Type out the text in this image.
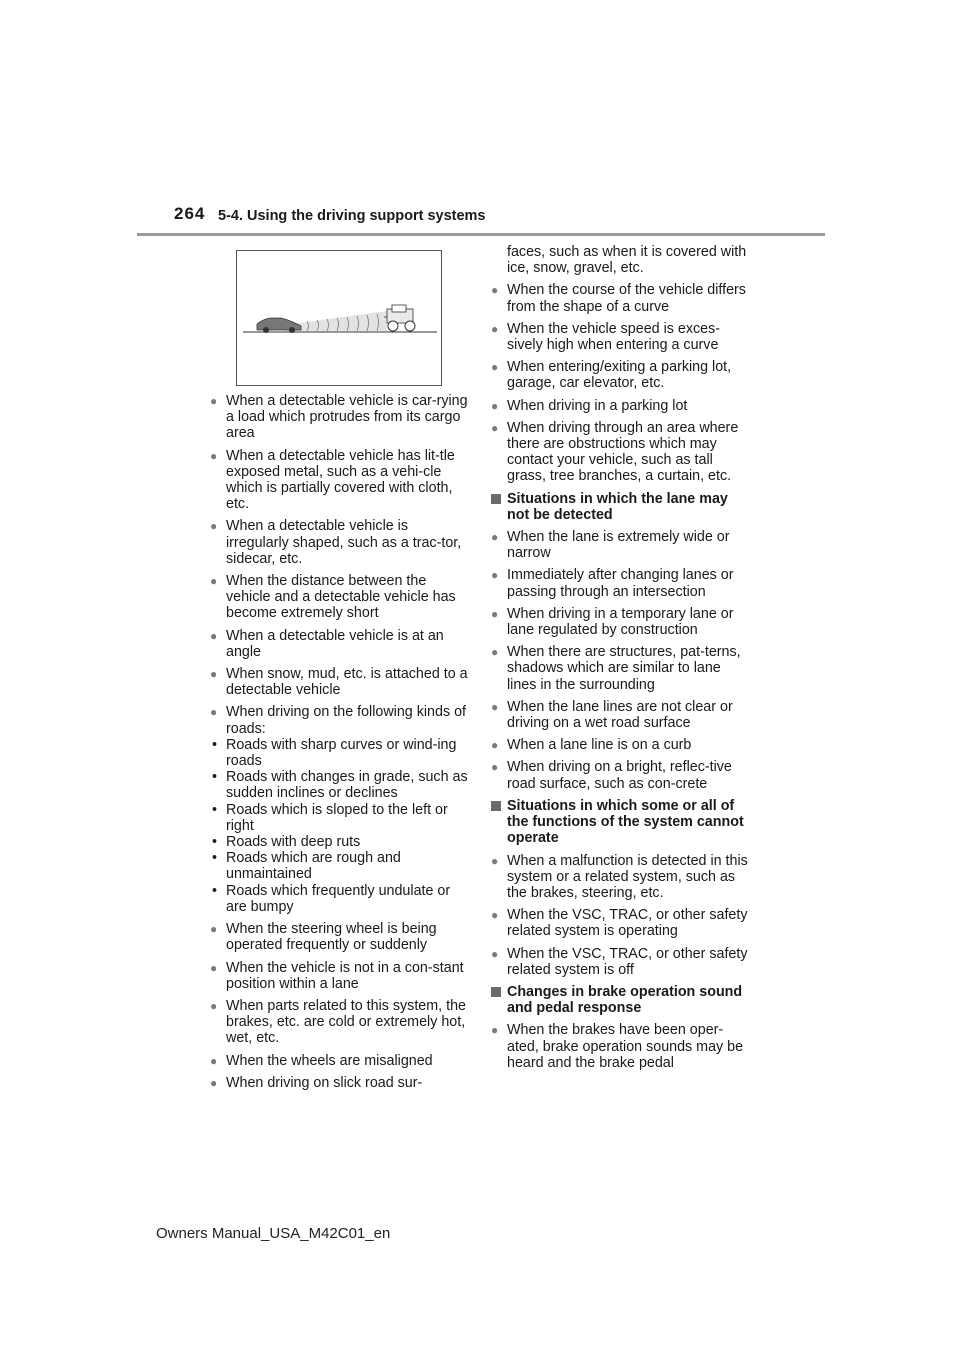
264 5-4. Using the driving support systems
● When a detectable vehicle is car-rying a load which protrudes from its cargo area
● When a detectable vehicle has lit-tle exposed metal, such as a vehi-cle which is partially covered with cloth, etc.
● When a detectable vehicle is irregularly shaped, such as a trac-tor, sidecar, etc.
● When the distance between the vehicle and a detectable vehicle has become extremely short
● When a detectable vehicle is at an angle
● When snow, mud, etc. is attached to a detectable vehicle
● When driving on the following kinds of roads:
• Roads with sharp curves or wind-ing roads
• Roads with changes in grade, such as sudden inclines or declines
• Roads which is sloped to the left or right
• Roads with deep ruts
• Roads which are rough and unmaintained
• Roads which frequently undulate or are bumpy
● When the steering wheel is being operated frequently or suddenly
● When the vehicle is not in a con-stant position within a lane
● When parts related to this system, the brakes, etc. are cold or extremely hot, wet, etc.
● When the wheels are misaligned
● When driving on slick road sur-
faces, such as when it is covered with ice, snow, gravel, etc.
● When the course of the vehicle differs from the shape of a curve
● When the vehicle speed is exces-sively high when entering a curve
● When entering/exiting a parking lot, garage, car elevator, etc.
● When driving in a parking lot
● When driving through an area where there are obstructions which may contact your vehicle, such as tall grass, tree branches, a curtain, etc.
Situations in which the lane may not be detected
● When the lane is extremely wide or narrow
● Immediately after changing lanes or passing through an intersection
● When driving in a temporary lane or lane regulated by construction
● When there are structures, pat-terns, shadows which are similar to lane lines in the surrounding
● When the lane lines are not clear or driving on a wet road surface
● When a lane line is on a curb
● When driving on a bright, reflec-tive road surface, such as con-crete
Situations in which some or all of the functions of the system cannot operate
● When a malfunction is detected in this system or a related system, such as the brakes, steering, etc.
● When the VSC, TRAC, or other safety related system is operating
● When the VSC, TRAC, or other safety related system is off
Changes in brake operation sound and pedal response
● When the brakes have been oper-ated, brake operation sounds may be heard and the brake pedal
Owners Manual_USA_M42C01_en
